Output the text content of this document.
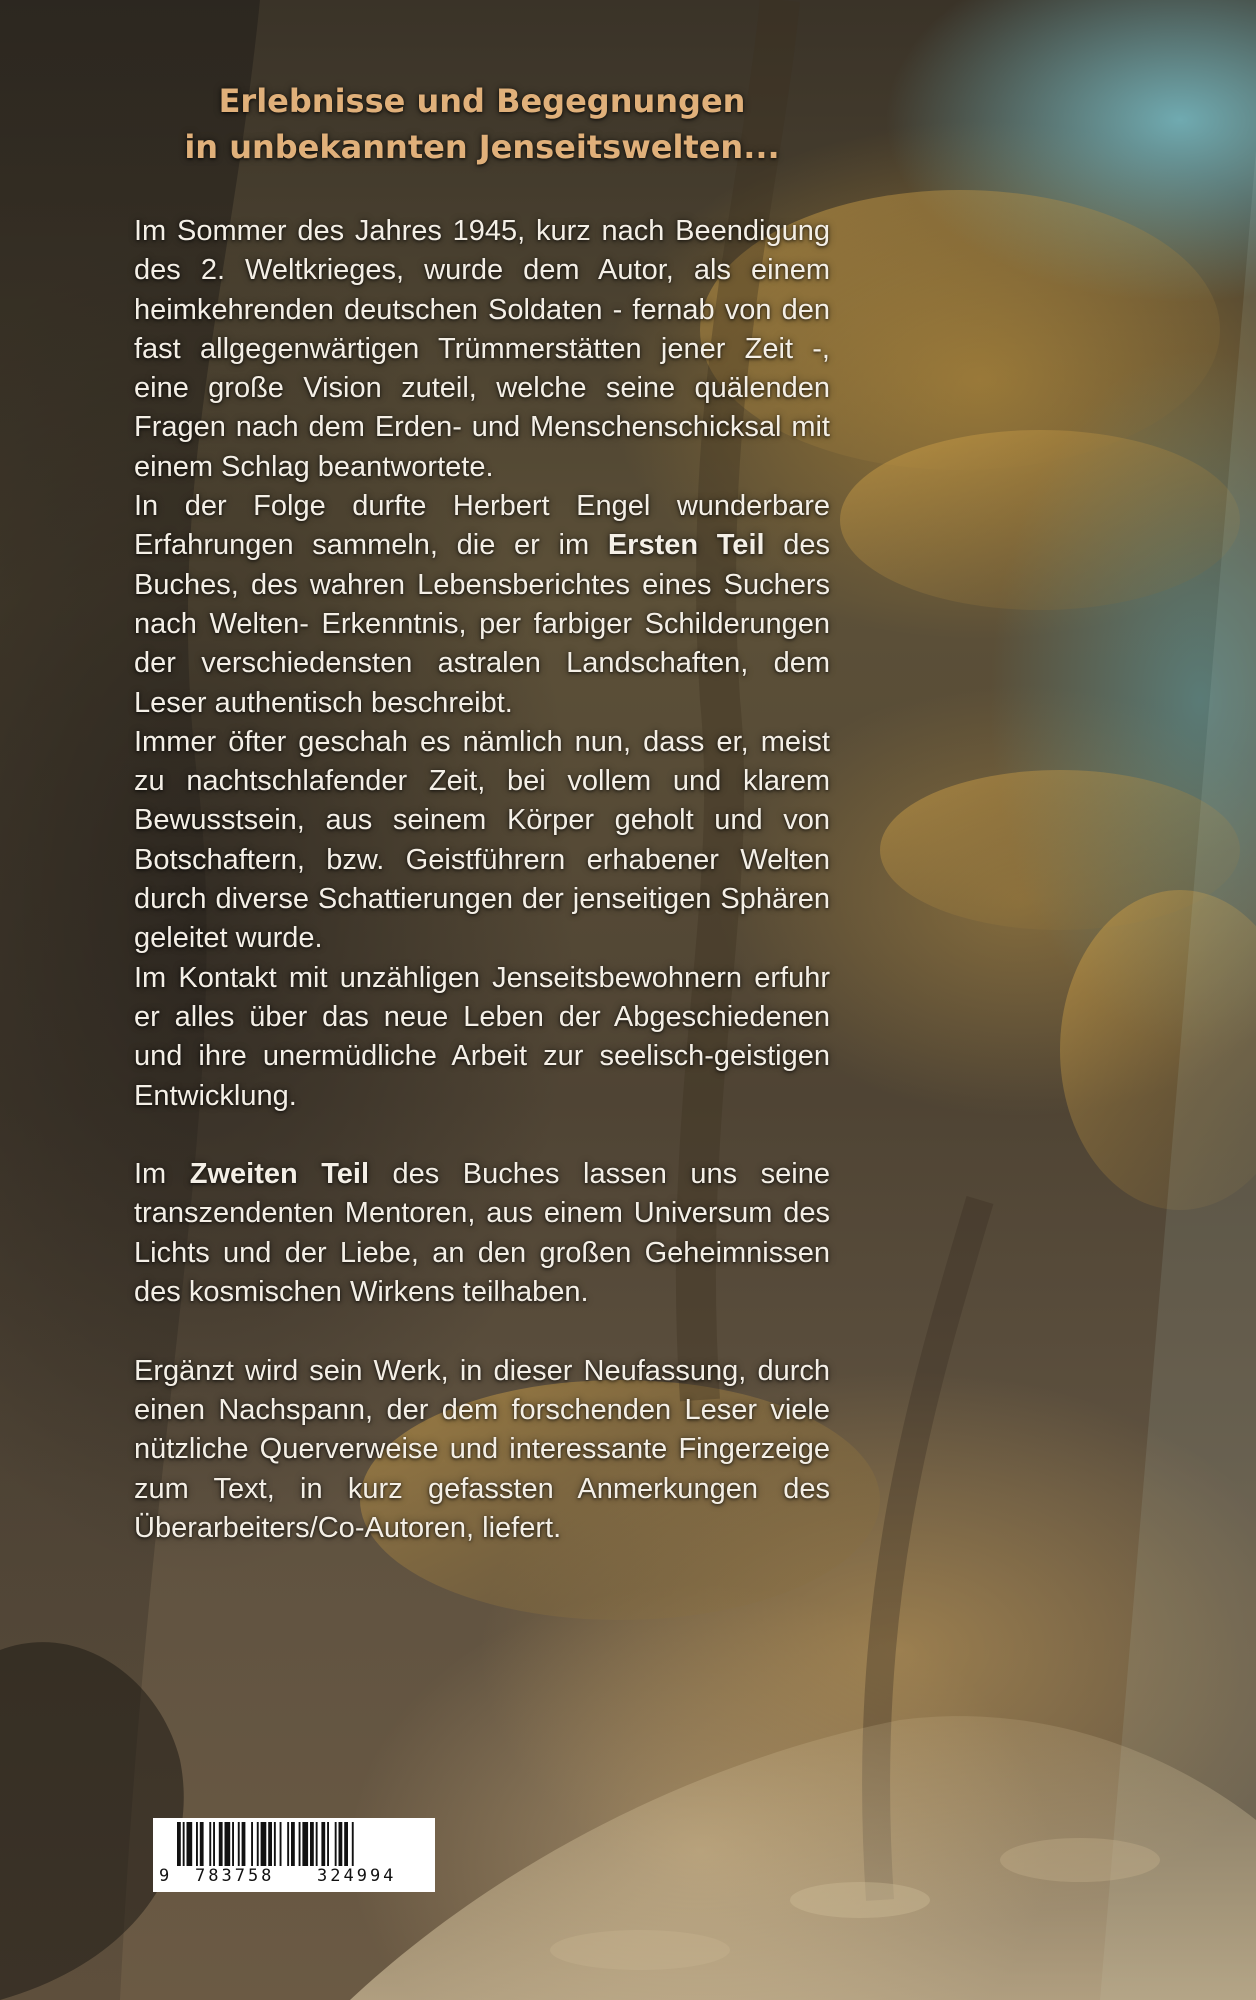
Erlebnisse und Begegnungen
in unbekannten Jenseitswelten...

Im Sommer des Jahres 1945, kurz nach Beendigung des 2. Weltkrieges, wurde dem Autor, als einem heimkehrenden deutschen Soldaten - fernab von den fast allgegenwärtigen Trümmerstätten jener Zeit -, eine große Vision zuteil, welche seine quälenden Fragen nach dem Erden- und Menschenschicksal mit einem Schlag beantwortete.

In der Folge durfte Herbert Engel wunderbare Erfahrungen sammeln, die er im Ersten Teil des Buches, des wahren Lebensberichtes eines Suchers nach Welten- Erkenntnis, per farbiger Schilderungen der verschiedensten astralen Landschaften, dem Leser authentisch beschreibt.

Immer öfter geschah es nämlich nun, dass er, meist zu nachtschlafender Zeit, bei vollem und klarem Bewusstsein, aus seinem Körper geholt und von Botschaftern, bzw. Geistführern erhabener Welten durch diverse Schattierungen der jenseitigen Sphären geleitet wurde.

Im Kontakt mit unzähligen Jenseitsbewohnern erfuhr er alles über das neue Leben der Abgeschiedenen und ihre unermüdliche Arbeit zur seelisch-geistigen Entwicklung.

Im Zweiten Teil des Buches lassen uns seine transzendenten Mentoren, aus einem Universum des Lichts und der Liebe, an den großen Geheimnissen des kosmischen Wirkens teilhaben.

Ergänzt wird sein Werk, in dieser Neufassung, durch einen Nachspann, der dem forschenden Leser viele nützliche Querverweise und interessante Fingerzeige zum Text, in kurz gefassten Anmerkungen des Überarbeiters/Co-Autoren, liefert.

9 783758	324994
